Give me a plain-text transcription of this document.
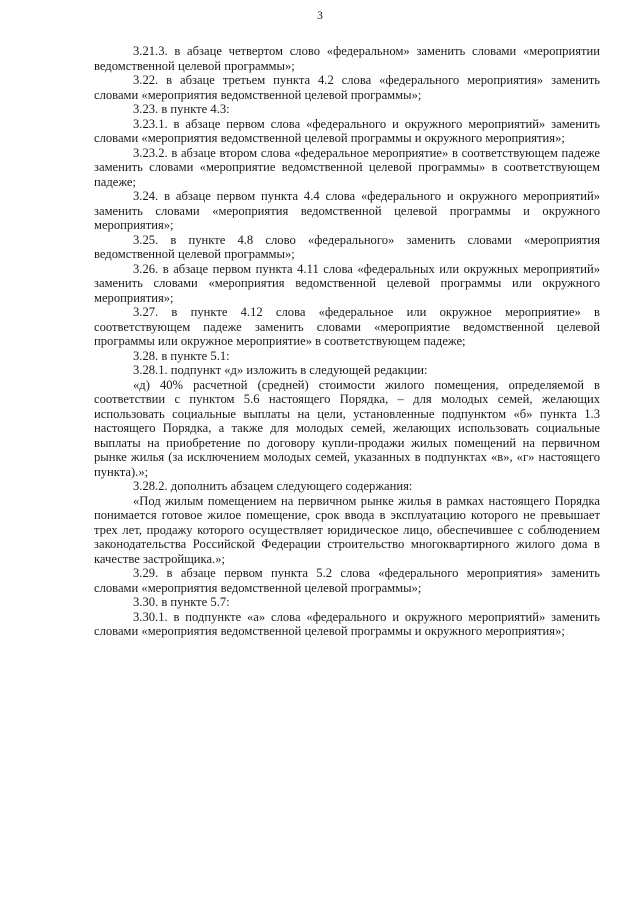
3

3.21.3. в абзаце четвертом слово «федеральном» заменить словами «мероприятии ведомственной целевой программы»;

3.22. в абзаце третьем пункта 4.2 слова «федерального мероприятия» заменить словами «мероприятия ведомственной целевой программы»;

3.23. в пункте 4.3:

3.23.1. в абзаце первом слова «федерального и окружного мероприятий» заменить словами «мероприятия ведомственной целевой программы и окружного мероприятия»;

3.23.2. в абзаце втором слова «федеральное мероприятие» в соответствующем падеже заменить словами «мероприятие ведомственной целевой программы» в соответствующем падеже;

3.24. в абзаце первом пункта 4.4 слова «федерального и окружного мероприятий» заменить словами «мероприятия ведомственной целевой программы и окружного мероприятия»;

3.25. в пункте 4.8 слово «федерального» заменить словами «мероприятия ведомственной целевой программы»;

3.26. в абзаце первом пункта 4.11 слова «федеральных или окружных мероприятий» заменить словами «мероприятия ведомственной целевой программы или окружного мероприятия»;

3.27. в пункте 4.12 слова «федеральное или окружное мероприятие» в соответствующем падеже заменить словами «мероприятие ведомственной целевой программы или окружное мероприятие» в соответствующем падеже;

3.28. в пункте 5.1:

3.28.1. подпункт «д» изложить в следующей редакции:

«д) 40% расчетной (средней) стоимости жилого помещения, определяемой в соответствии с пунктом 5.6 настоящего Порядка, – для молодых семей, желающих использовать социальные выплаты на цели, установленные подпунктом «б» пункта 1.3 настоящего Порядка, а также для молодых семей, желающих использовать социальные выплаты на приобретение по договору купли-продажи жилых помещений на первичном рынке жилья (за исключением молодых семей, указанных в подпунктах «в», «г» настоящего пункта).»;

3.28.2. дополнить абзацем следующего содержания:

«Под жилым помещением на первичном рынке жилья в рамках настоящего Порядка понимается готовое жилое помещение, срок ввода в эксплуатацию которого не превышает трех лет, продажу которого осуществляет юридическое лицо, обеспечившее с соблюдением законодательства Российской Федерации строительство многоквартирного жилого дома в качестве застройщика.»;

3.29. в абзаце первом пункта 5.2 слова «федерального мероприятия» заменить словами «мероприятия ведомственной целевой программы»;

3.30. в пункте 5.7:

3.30.1. в подпункте «а» слова «федерального и окружного мероприятий» заменить словами «мероприятия ведомственной целевой программы и окружного мероприятия»;
